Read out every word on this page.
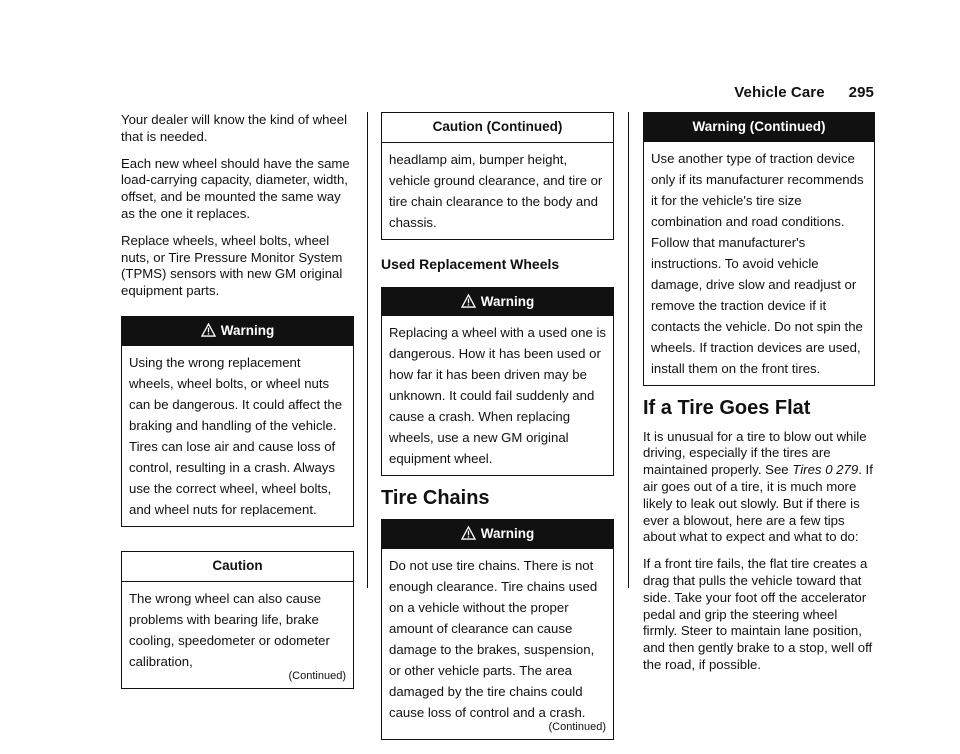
Vehicle Care 295

Your dealer will know the kind of wheel that is needed.

Each new wheel should have the same load-carrying capacity, diameter, width, offset, and be mounted the same way as the one it replaces.

Replace wheels, wheel bolts, wheel nuts, or Tire Pressure Monitor System (TPMS) sensors with new GM original equipment parts.

Warning
Using the wrong replacement wheels, wheel bolts, or wheel nuts can be dangerous. It could affect the braking and handling of the vehicle. Tires can lose air and cause loss of control, resulting in a crash. Always use the correct wheel, wheel bolts, and wheel nuts for replacement.
Caution
The wrong wheel can also cause problems with bearing life, brake cooling, speedometer or odometer calibration,
(Continued)
Caution (Continued)
headlamp aim, bumper height, vehicle ground clearance, and tire or tire chain clearance to the body and chassis.
Used Replacement Wheels
Warning
Replacing a wheel with a used one is dangerous. How it has been used or how far it has been driven may be unknown. It could fail suddenly and cause a crash. When replacing wheels, use a new GM original equipment wheel.
Tire Chains
Warning
Do not use tire chains. There is not enough clearance. Tire chains used on a vehicle without the proper amount of clearance can cause damage to the brakes, suspension, or other vehicle parts. The area damaged by the tire chains could cause loss of control and a crash.
(Continued)
Warning (Continued)
Use another type of traction device only if its manufacturer recommends it for the vehicle's tire size combination and road conditions. Follow that manufacturer's instructions. To avoid vehicle damage, drive slow and readjust or remove the traction device if it contacts the vehicle. Do not spin the wheels. If traction devices are used, install them on the front tires.
If a Tire Goes Flat

It is unusual for a tire to blow out while driving, especially if the tires are maintained properly. See Tires 0 279. If air goes out of a tire, it is much more likely to leak out slowly. But if there is ever a blowout, here are a few tips about what to expect and what to do:

If a front tire fails, the flat tire creates a drag that pulls the vehicle toward that side. Take your foot off the accelerator pedal and grip the steering wheel firmly. Steer to maintain lane position, and then gently brake to a stop, well off the road, if possible.
